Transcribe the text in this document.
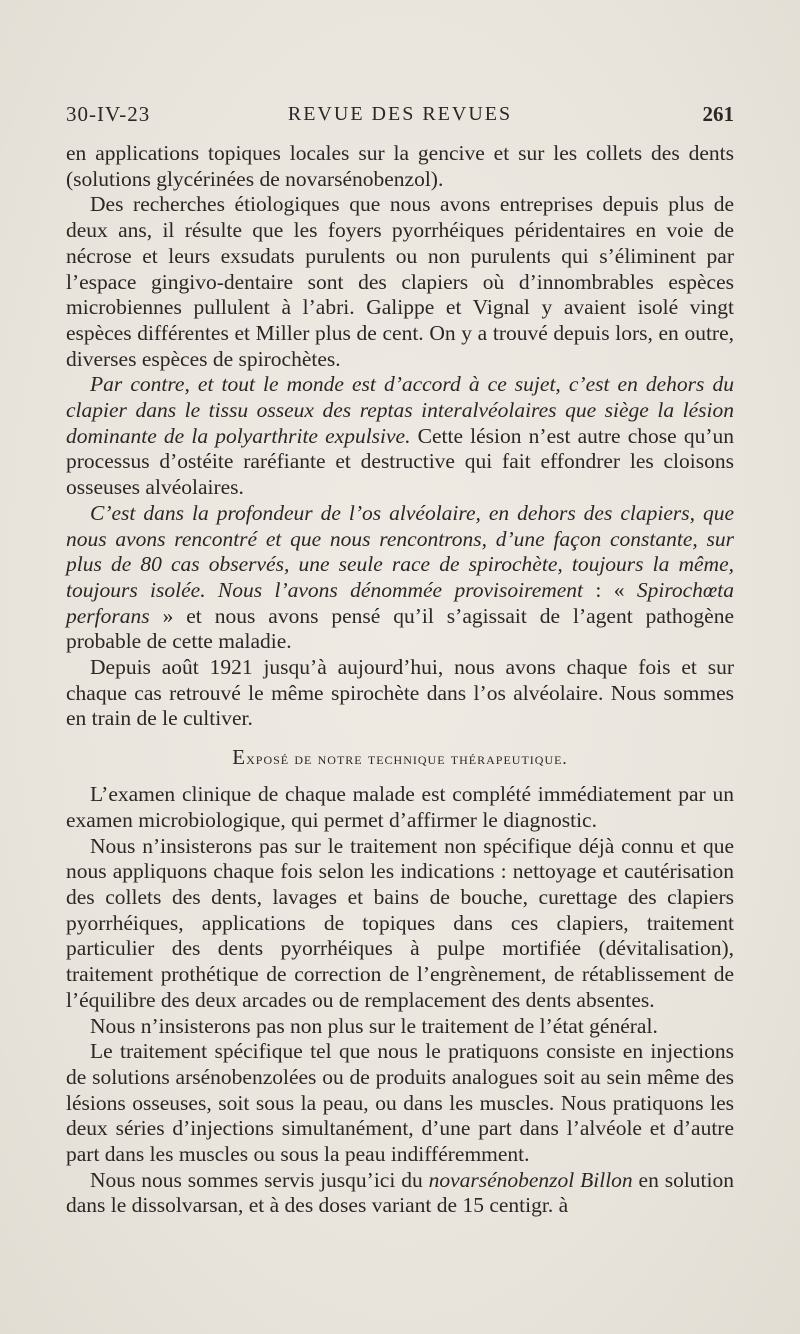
30-IV-23	REVUE DES REVUES	261

en applications topiques locales sur la gencive et sur les collets des dents (solutions glycérinées de novarsénobenzol).

Des recherches étiologiques que nous avons entreprises depuis plus de deux ans, il résulte que les foyers pyorrhéiques péridentaires en voie de nécrose et leurs exsudats purulents ou non purulents qui s’éliminent par l’espace gingivo-dentaire sont des clapiers où d’innombrables espèces microbiennes pullulent à l’abri. Galippe et Vignal y avaient isolé vingt espèces différentes et Miller plus de cent. On y a trouvé depuis lors, en outre, diverses espèces de spirochètes.

Par contre, et tout le monde est d’accord à ce sujet, c’est en dehors du clapier dans le tissu osseux des reptas interalvéolaires que siège la lésion dominante de la polyarthrite expulsive. Cette lésion n’est autre chose qu’un processus d’ostéite raréfiante et destructive qui fait effondrer les cloisons osseuses alvéolaires.

C’est dans la profondeur de l’os alvéolaire, en dehors des clapiers, que nous avons rencontré et que nous rencontrons, d’une façon constante, sur plus de 80 cas observés, une seule race de spirochète, toujours la même, toujours isolée. Nous l’avons dénommée provisoirement : « Spirochœta perforans » et nous avons pensé qu’il s’agissait de l’agent pathogène probable de cette maladie.

Depuis août 1921 jusqu’à aujourd’hui, nous avons chaque fois et sur chaque cas retrouvé le même spirochète dans l’os alvéolaire. Nous sommes en train de le cultiver.

Exposé de notre technique thérapeutique.

L’examen clinique de chaque malade est complété immédiatement par un examen microbiologique, qui permet d’affirmer le diagnostic.

Nous n’insisterons pas sur le traitement non spécifique déjà connu et que nous appliquons chaque fois selon les indications : nettoyage et cautérisation des collets des dents, lavages et bains de bouche, curettage des clapiers pyorrhéiques, applications de topiques dans ces clapiers, traitement particulier des dents pyorrhéiques à pulpe mortifiée (dévitalisation), traitement prothétique de correction de l’engrènement, de rétablissement de l’équilibre des deux arcades ou de remplacement des dents absentes.

Nous n’insisterons pas non plus sur le traitement de l’état général.

Le traitement spécifique tel que nous le pratiquons consiste en injections de solutions arsénobenzolées ou de produits analogues soit au sein même des lésions osseuses, soit sous la peau, ou dans les muscles. Nous pratiquons les deux séries d’injections simultanément, d’une part dans l’alvéole et d’autre part dans les muscles ou sous la peau indifféremment.

Nous nous sommes servis jusqu’ici du novarsénobenzol Billon en solution dans le dissolvarsan, et à des doses variant de 15 centigr. à
